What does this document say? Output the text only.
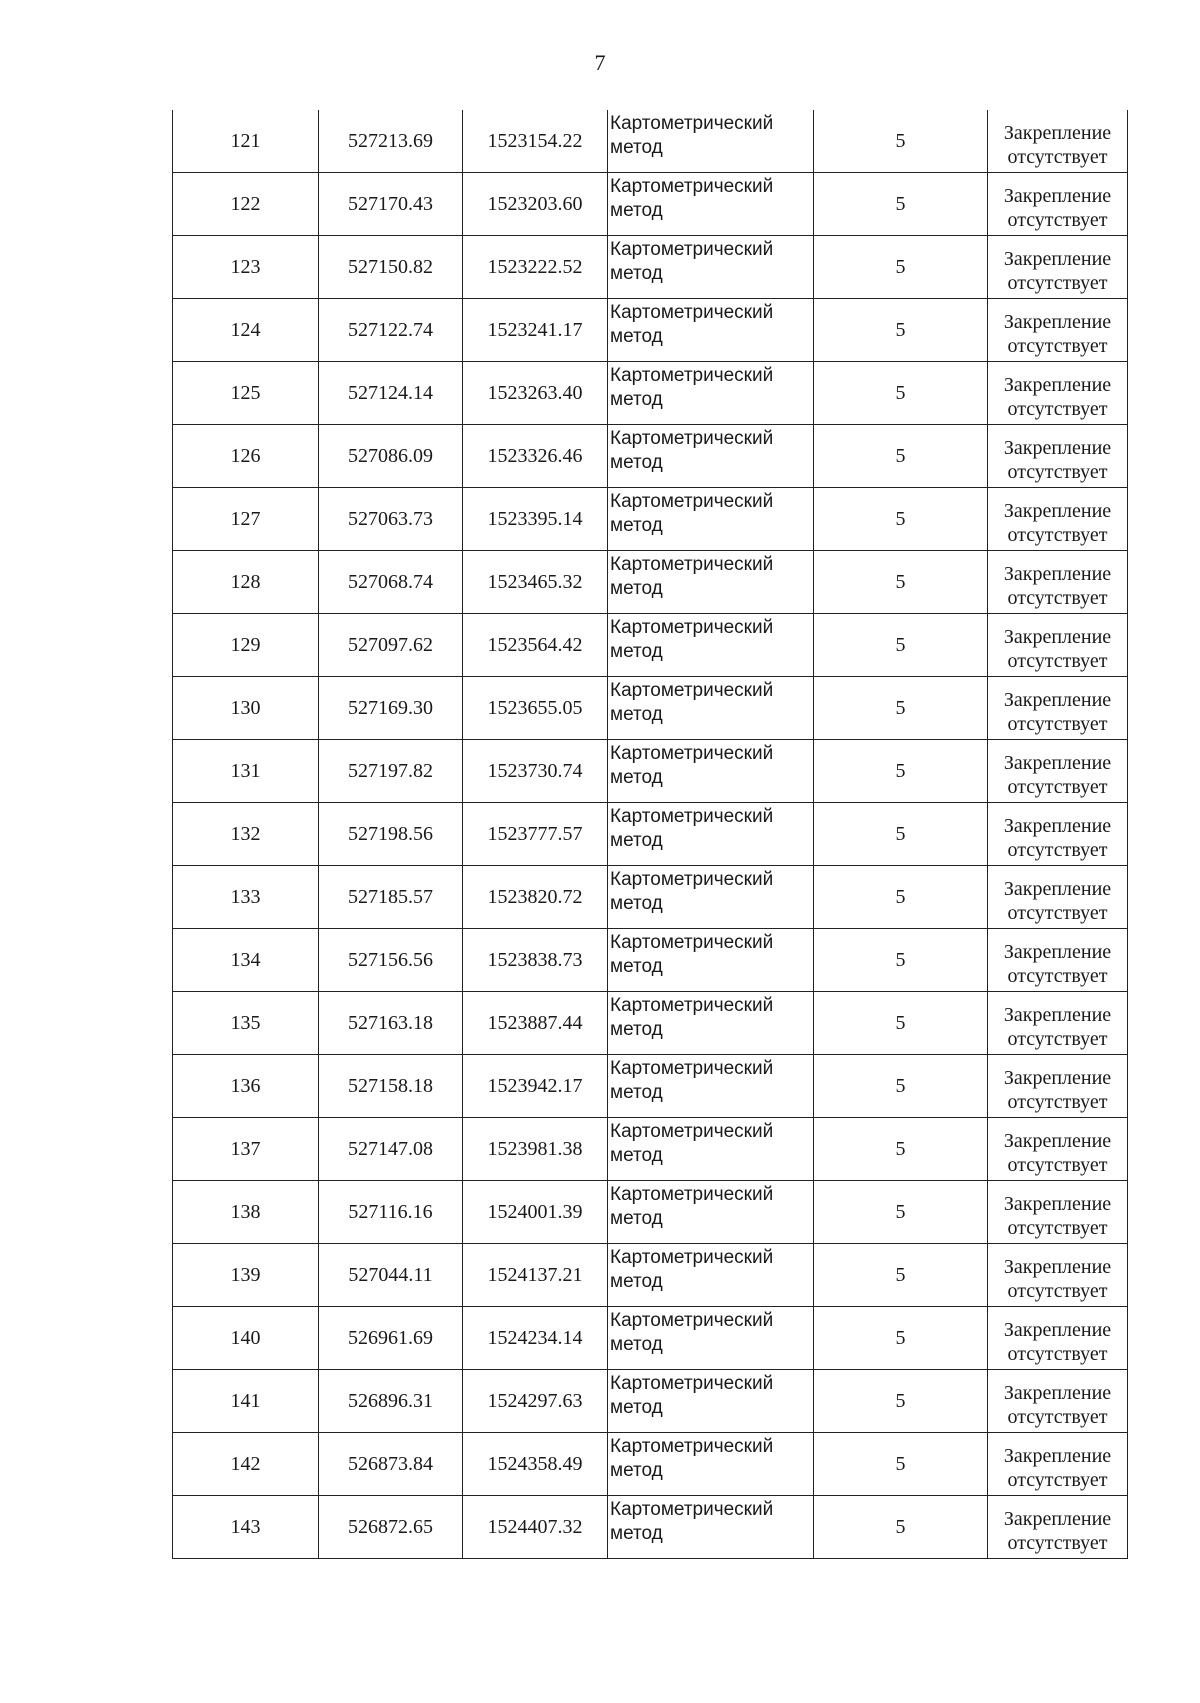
7
121	527213.69	1523154.22	Картометрический
метод	5	Закрепление
отсутствует

122	527170.43	1523203.60	Картометрический
метод	5	Закрепление
отсутствует

123	527150.82	1523222.52	Картометрический
метод	5	Закрепление
отсутствует

124	527122.74	1523241.17	Картометрический
метод	5	Закрепление
отсутствует

125	527124.14	1523263.40	Картометрический
метод	5	Закрепление
отсутствует

126	527086.09	1523326.46	Картометрический
метод	5	Закрепление
отсутствует

127	527063.73	1523395.14	Картометрический
метод	5	Закрепление
отсутствует

128	527068.74	1523465.32	Картометрический
метод	5	Закрепление
отсутствует

129	527097.62	1523564.42	Картометрический
метод	5	Закрепление
отсутствует

130	527169.30	1523655.05	Картометрический
метод	5	Закрепление
отсутствует

131	527197.82	1523730.74	Картометрический
метод	5	Закрепление
отсутствует

132	527198.56	1523777.57	Картометрический
метод	5	Закрепление
отсутствует

133	527185.57	1523820.72	Картометрический
метод	5	Закрепление
отсутствует

134	527156.56	1523838.73	Картометрический
метод	5	Закрепление
отсутствует

135	527163.18	1523887.44	Картометрический
метод	5	Закрепление
отсутствует

136	527158.18	1523942.17	Картометрический
метод	5	Закрепление
отсутствует

137	527147.08	1523981.38	Картометрический
метод	5	Закрепление
отсутствует

138	527116.16	1524001.39	Картометрический
метод	5	Закрепление
отсутствует

139	527044.11	1524137.21	Картометрический
метод	5	Закрепление
отсутствует

140	526961.69	1524234.14	Картометрический
метод	5	Закрепление
отсутствует

141	526896.31	1524297.63	Картометрический
метод	5	Закрепление
отсутствует

142	526873.84	1524358.49	Картометрический
метод	5	Закрепление
отсутствует

143	526872.65	1524407.32	Картометрический
метод	5	Закрепление
отсутствует
